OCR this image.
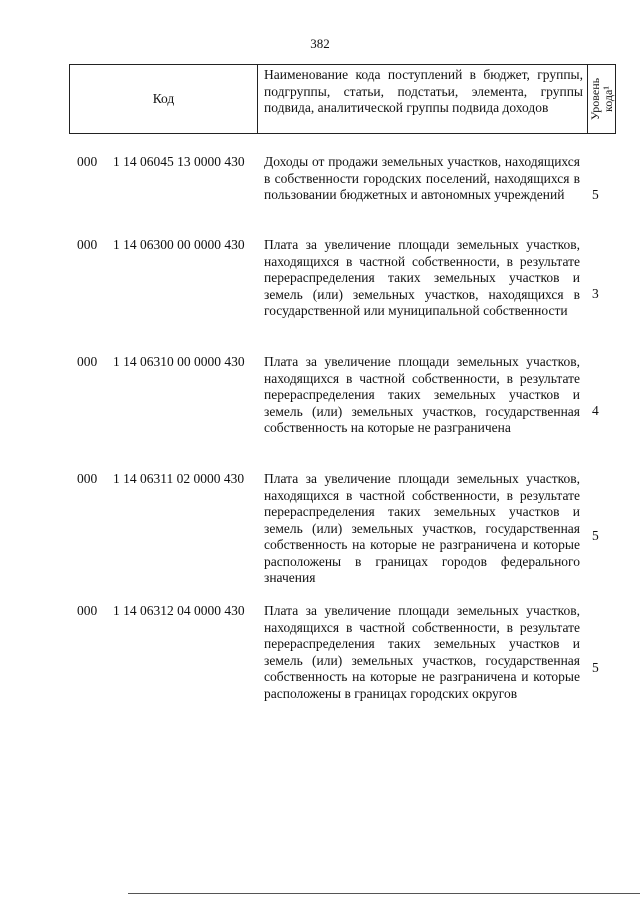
382
Код
Наименование кода поступлений в бюджет, группы, подгруппы, статьи, подстатьи, элемента, группы подвида, аналитической группы подвида доходов	Уровень кода¹
000 1 14 06045 13 0000 430 Доходы от продажи земельных участков, находящихся в собственности городских поселений, находящихся в пользовании бюджетных и автономных учреждений	5
000 1 14 06300 00 0000 430 Плата за увеличение площади земельных участков, находящихся в частной собственности, в результате перераспределения таких земельных участков и земель (или) земельных участков, находящихся в государственной или муниципальной собственности
3
000 1 14 06310 00 0000 430 Плата за увеличение площади земельных участков, находящихся в частной собственности, в результате перераспределения таких земельных участков и земель (или) земельных участков, государственная собственность на которые не разграничена
4
000 1 14 06311 02 0000 430 Плата за увеличение площади земельных участков, находящихся в частной собственности, в результате перераспределения таких земельных участков и земель (или) земельных участков, государственная собственность на которые не разграничена и которые расположены в границах городов федерального значения
5
000 1 14 06312 04 0000 430 Плата за увеличение площади земельных участков, находящихся в частной собственности, в результате перераспределения таких земельных участков и земель (или) земельных участков, государственная собственность на которые не разграничена и которые расположены в границах городских округов
5
